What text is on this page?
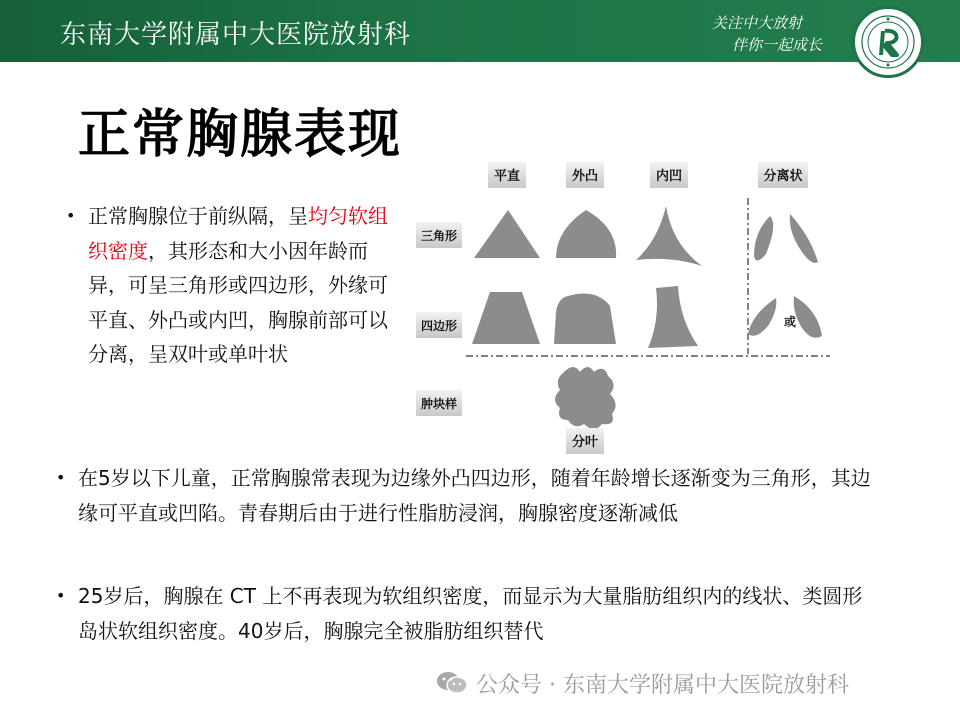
东南大学附属中大医院放射科	关注中大放射
伴你一起成长
正常胸腺表现
• 正常胸腺位于前纵隔，呈均匀软组织密度，其形态和大小因年龄而异，可呈三角形或四边形，外缘可平直、外凸或内凹，胸腺前部可以分离，呈双叶或单叶状
平直	外凸	内凹	分离状
三角形
四边形
肿块样
或
分叶
• 在5岁以下儿童，正常胸腺常表现为边缘外凸四边形，随着年龄增长逐渐变为三角形，其边缘可平直或凹陷。青春期后由于进行性脂肪浸润，胸腺密度逐渐减低
• 25岁后，胸腺在 CT 上不再表现为软组织密度，而显示为大量脂肪组织内的线状、类圆形岛状软组织密度。40岁后，胸腺完全被脂肪组织替代
公众号 · 东南大学附属中大医院放射科
